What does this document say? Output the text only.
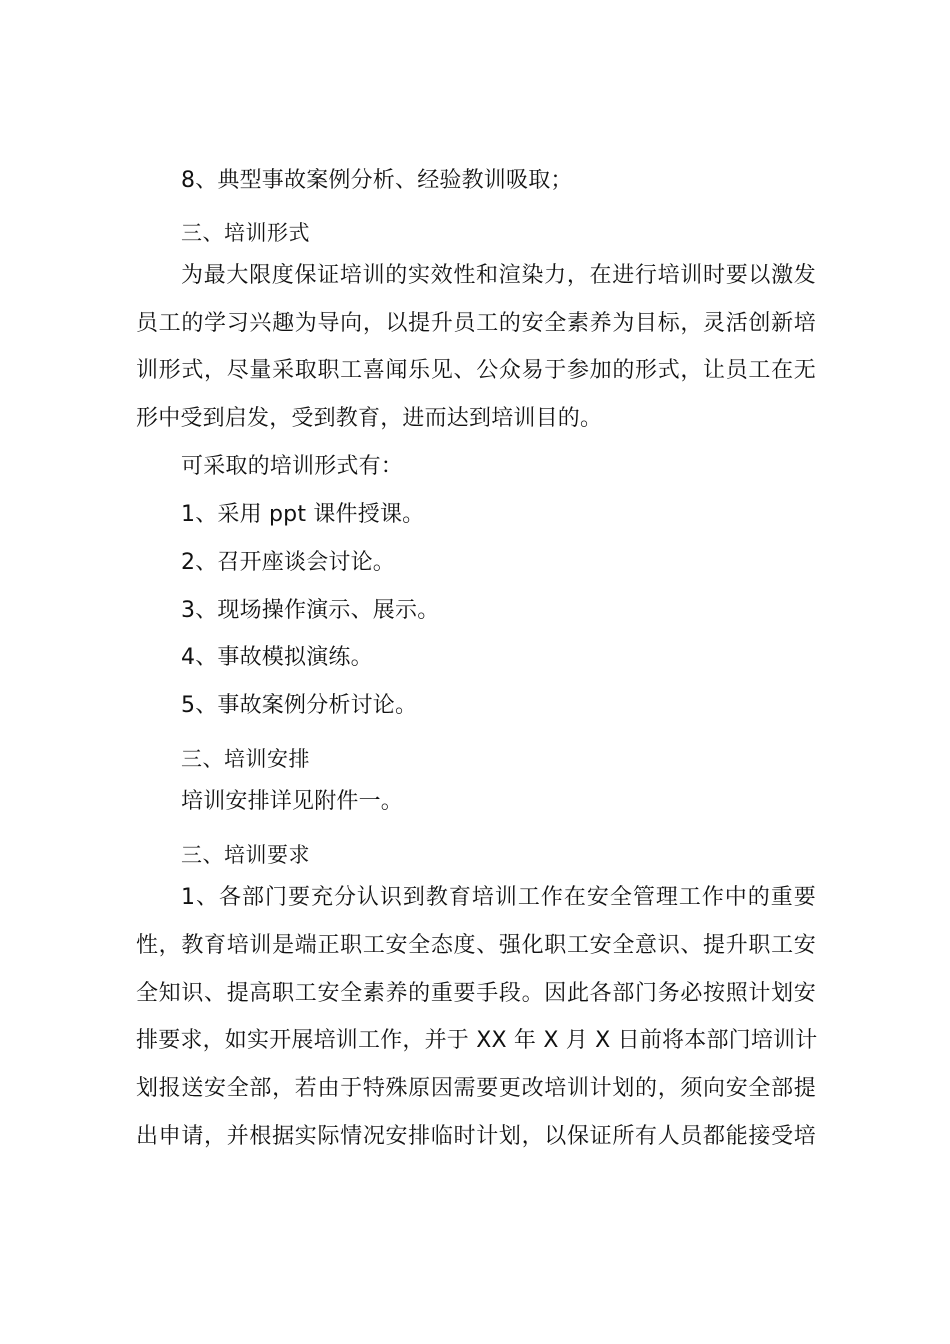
8、典型事故案例分析、经验教训吸取；
三、培训形式
为最大限度保证培训的实效性和渲染力，在进行培训时要以激发
员工的学习兴趣为导向，以提升员工的安全素养为目标，灵活创新培
训形式，尽量采取职工喜闻乐见、公众易于参加的形式，让员工在无
形中受到启发，受到教育，进而达到培训目的。
可采取的培训形式有：
1、采用 ppt 课件授课。
2、召开座谈会讨论。
3、现场操作演示、展示。
4、事故模拟演练。
5、事故案例分析讨论。
三、培训安排
培训安排详见附件一。
三、培训要求
1、各部门要充分认识到教育培训工作在安全管理工作中的重要
性，教育培训是端正职工安全态度、强化职工安全意识、提升职工安
全知识、提高职工安全素养的重要手段。因此各部门务必按照计划安
排要求，如实开展培训工作，并于 XX 年 X 月 X 日前将本部门培训计
划报送安全部，若由于特殊原因需要更改培训计划的，须向安全部提
出申请，并根据实际情况安排临时计划，以保证所有人员都能接受培
